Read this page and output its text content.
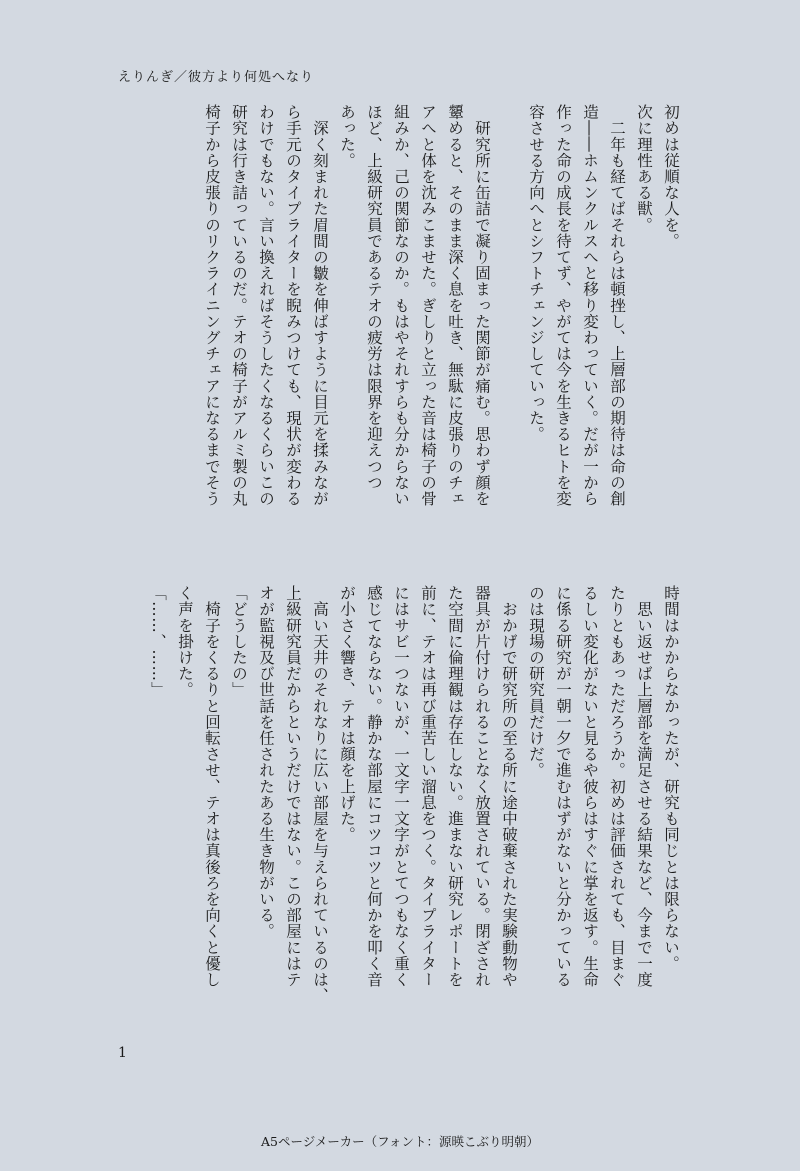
えりんぎ／彼方より何処へなり
初めは従順な人を。
次に理性ある獣。
　二年も経てばそれらは頓挫し、上層部の期待は命の創
造――ホムンクルスへと移り変わっていく。だが一から
作った命の成長を待てず、やがては今を生きるヒトを変
容させる方向へとシフトチェンジしていった。
　研究所に缶詰で凝り固まった関節が痛む。思わず顔を
顰めると、そのまま深く息を吐き、無駄に皮張りのチェ
アへと体を沈みこませた。ぎしりと立った音は椅子の骨
組みか、己の関節なのか。もはやそれすらも分からない
ほど、上級研究員であるテオの疲労は限界を迎えつつ
あった。
　深く刻まれた眉間の皺を伸ばすように目元を揉みなが
ら手元のタイプライターを睨みつけても、現状が変わる
わけでもない。言い換えればそうしたくなるくらいこの
研究は行き詰っているのだ。テオの椅子がアルミ製の丸
椅子から皮張りのリクライニングチェアになるまでそう
時間はかからなかったが、研究も同じとは限らない。
　思い返せば上層部を満足させる結果など、今まで一度
たりともあっただろうか。初めは評価されても、目まぐ
るしい変化がないと見るや彼らはすぐに掌を返す。生命
に係る研究が一朝一夕で進むはずがないと分かっている
のは現場の研究員だけだ。
　おかげで研究所の至る所に途中破棄された実験動物や
器具が片付けられることなく放置されている。閉ざされ
た空間に倫理観は存在しない。進まない研究レポートを
前に、テオは再び重苦しい溜息をつく。タイプライター
にはサビ一つないが、一文字一文字がとてつもなく重く
感じてならない。静かな部屋にコツコツと何かを叩く音
が小さく響き、テオは顔を上げた。
　高い天井のそれなりに広い部屋を与えられているのは、
上級研究員だからというだけではない。この部屋にはテ
オが監視及び世話を任されたある生き物がいる。
「どうしたの」
　椅子をくるりと回転させ、テオは真後ろを向くと優し
く声を掛けた。
「……、……」
1
A5ページメーカー（フォント：源暎こぶり明朝）
